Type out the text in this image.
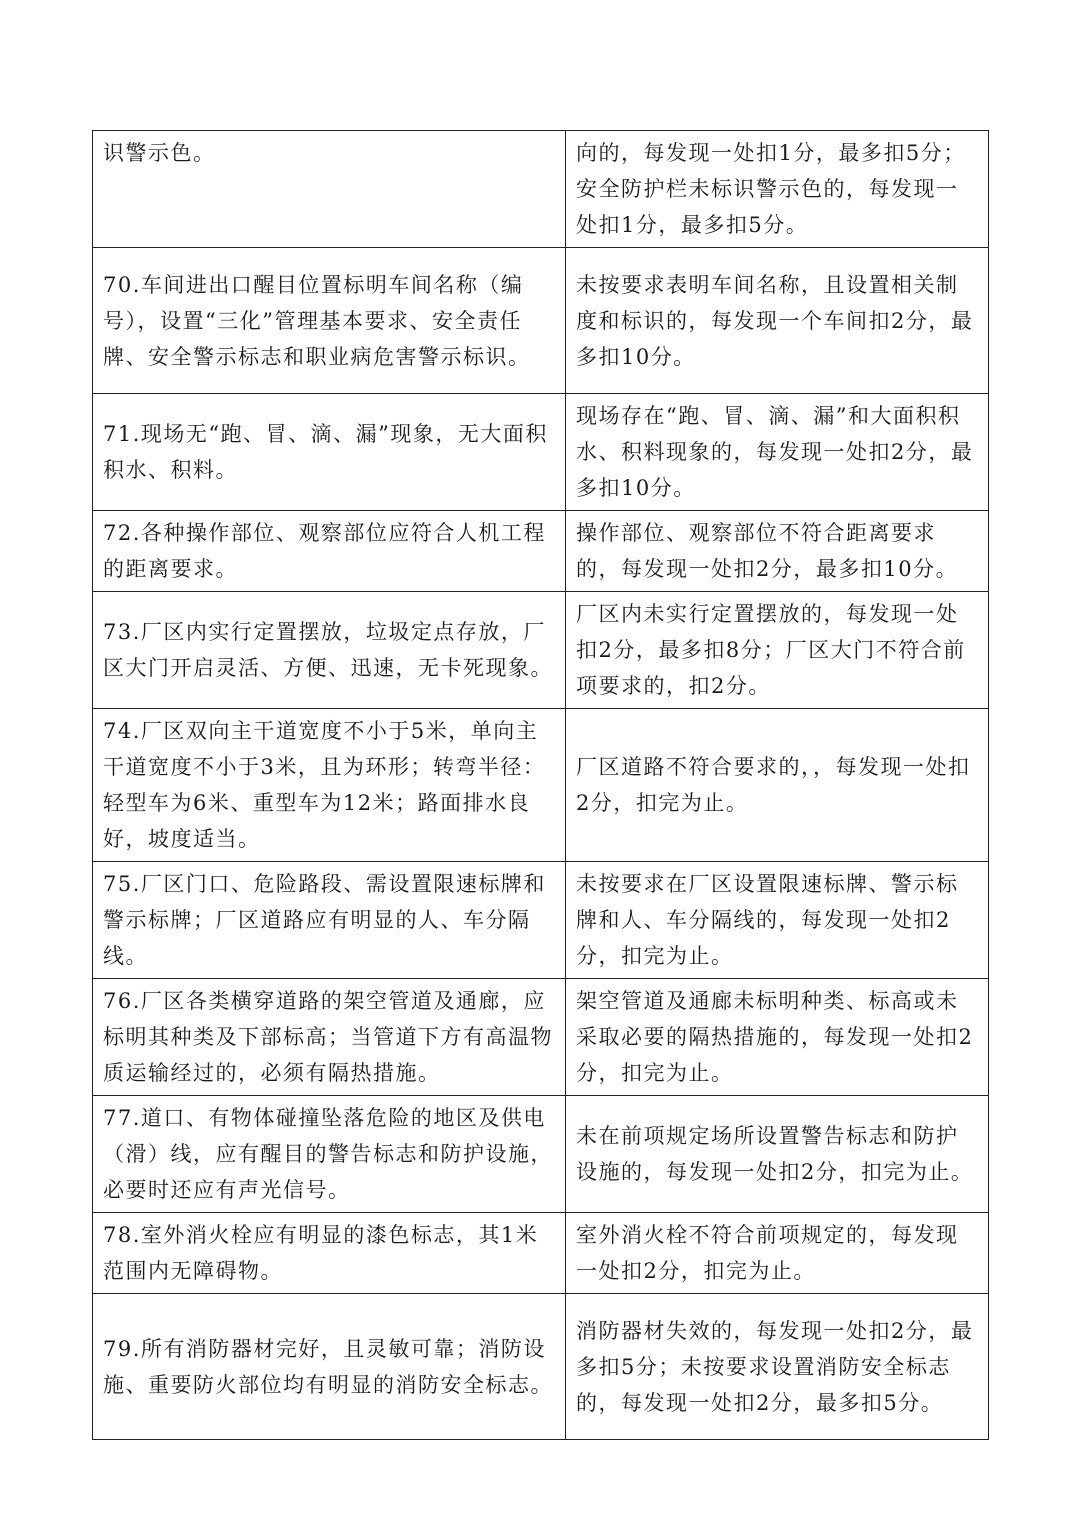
识警示色。	向的，每发现一处扣1分，最多扣5分；安全防护栏未标识警示色的，每发现一处扣1分，最多扣5分。
70.车间进出口醒目位置标明车间名称（编号），设置“三化”管理基本要求、安全责任牌、安全警示标志和职业病危害警示标识。	未按要求表明车间名称，且设置相关制度和标识的，每发现一个车间扣2分，最多扣10分。
71.现场无“跑、冒、滴、漏”现象，无大面积积水、积料。	现场存在“跑、冒、滴、漏”和大面积积水、积料现象的，每发现一处扣2分，最多扣10分。
72.各种操作部位、观察部位应符合人机工程的距离要求。	操作部位、观察部位不符合距离要求的，每发现一处扣2分，最多扣10分。
73.厂区内实行定置摆放，垃圾定点存放，厂区大门开启灵活、方便、迅速，无卡死现象。	厂区内未实行定置摆放的，每发现一处扣2分，最多扣8分；厂区大门不符合前项要求的，扣2分。
74.厂区双向主干道宽度不小于5米，单向主干道宽度不小于3米，且为环形；转弯半径：轻型车为6米、重型车为12米；路面排水良好，坡度适当。	厂区道路不符合要求的，，每发现一处扣2分，扣完为止。
75.厂区门口、危险路段、需设置限速标牌和警示标牌；厂区道路应有明显的人、车分隔线。	未按要求在厂区设置限速标牌、警示标牌和人、车分隔线的，每发现一处扣2分，扣完为止。
76.厂区各类横穿道路的架空管道及通廊，应标明其种类及下部标高；当管道下方有高温物质运输经过的，必须有隔热措施。	架空管道及通廊未标明种类、标高或未采取必要的隔热措施的，每发现一处扣2分，扣完为止。
77.道口、有物体碰撞坠落危险的地区及供电（滑）线，应有醒目的警告标志和防护设施，必要时还应有声光信号。	未在前项规定场所设置警告标志和防护设施的，每发现一处扣2分，扣完为止。
78.室外消火栓应有明显的漆色标志，其1米范围内无障碍物。	室外消火栓不符合前项规定的，每发现一处扣2分，扣完为止。
79.所有消防器材完好，且灵敏可靠；消防设施、重要防火部位均有明显的消防安全标志。	消防器材失效的，每发现一处扣2分，最多扣5分；未按要求设置消防安全标志的，每发现一处扣2分，最多扣5分。
